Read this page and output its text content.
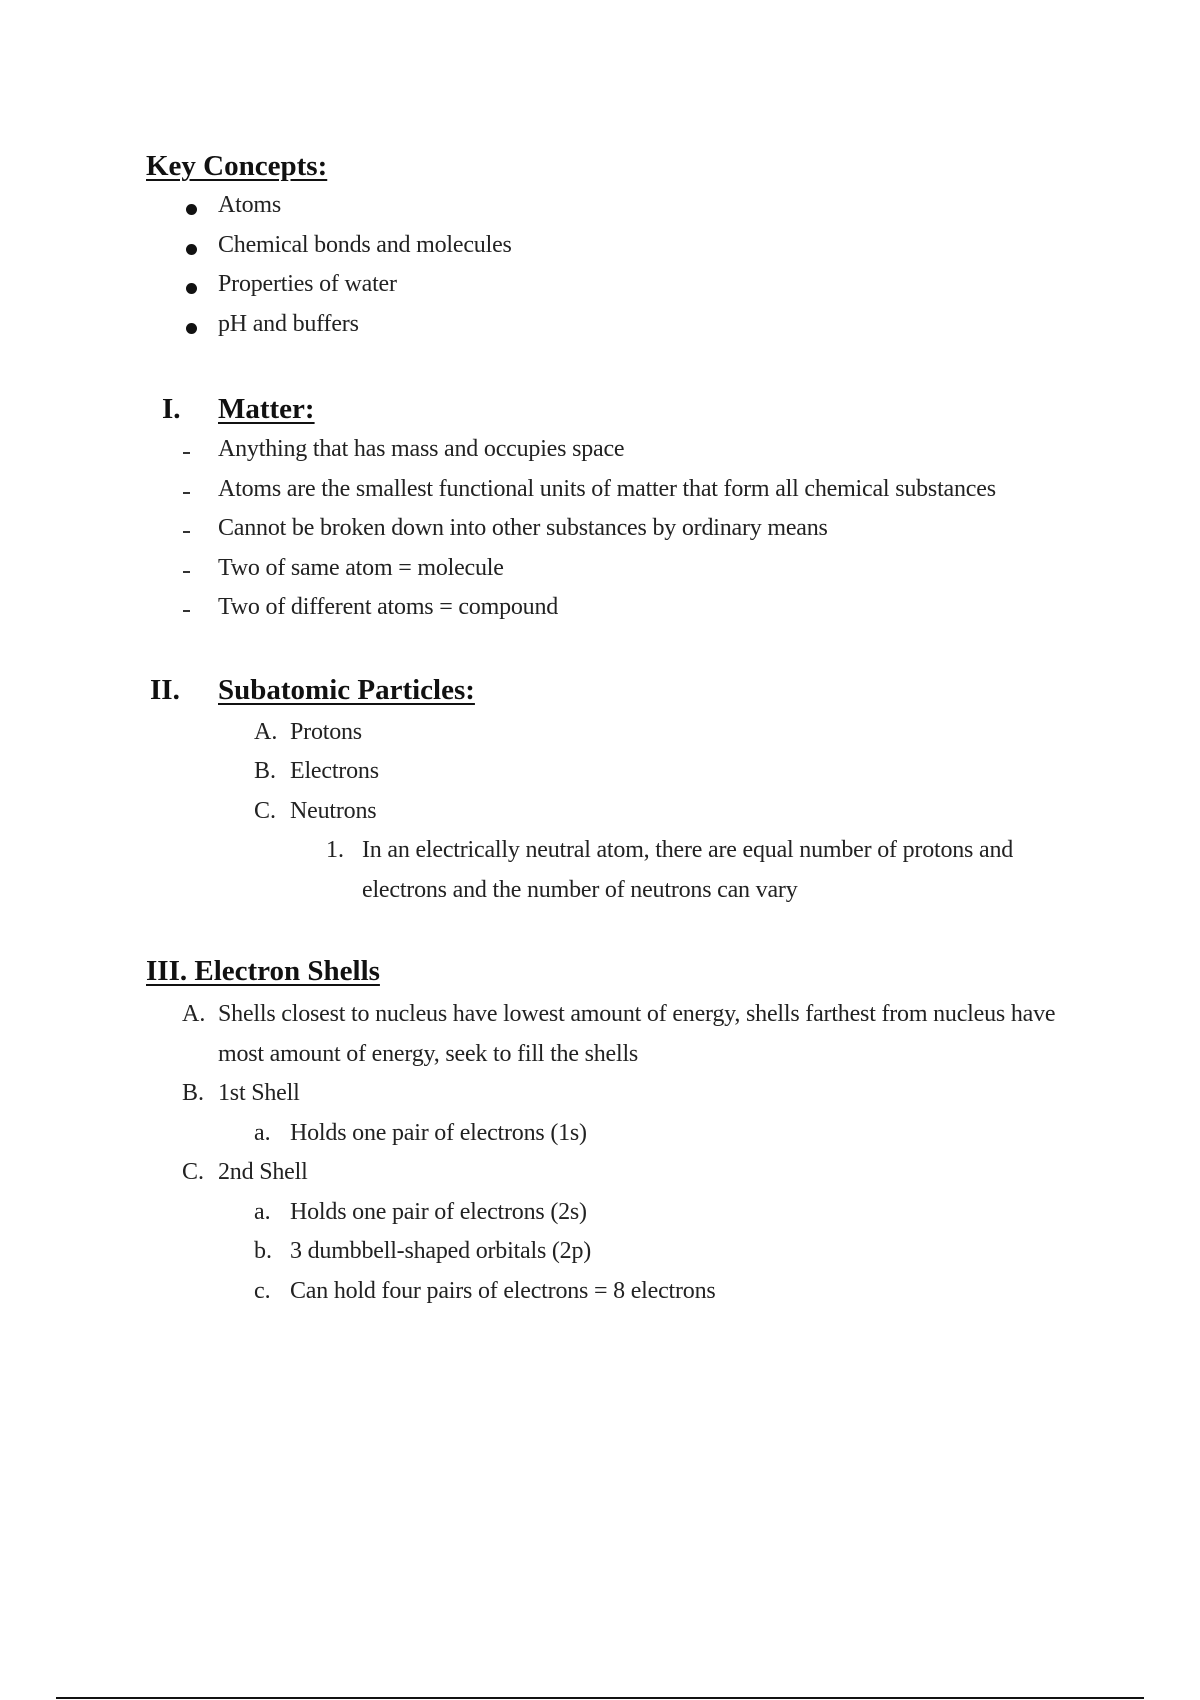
Key Concepts:
Atoms
Chemical bonds and molecules
Properties of water
pH and buffers
I. Matter:
Anything that has mass and occupies space
Atoms are the smallest functional units of matter that form all chemical substances
Cannot be broken down into other substances by ordinary means
Two of same atom = molecule
Two of different atoms = compound
II. Subatomic Particles:
A. Protons
B. Electrons
C. Neutrons
1. In an electrically neutral atom, there are equal number of protons and
electrons and the number of neutrons can vary
III. Electron Shells
A. Shells closest to nucleus have lowest amount of energy, shells farthest from nucleus have
most amount of energy, seek to fill the shells
B. 1st Shell
a. Holds one pair of electrons (1s)
C. 2nd Shell
a. Holds one pair of electrons (2s)
b. 3 dumbbell-shaped orbitals (2p)
c. Can hold four pairs of electrons = 8 electrons
